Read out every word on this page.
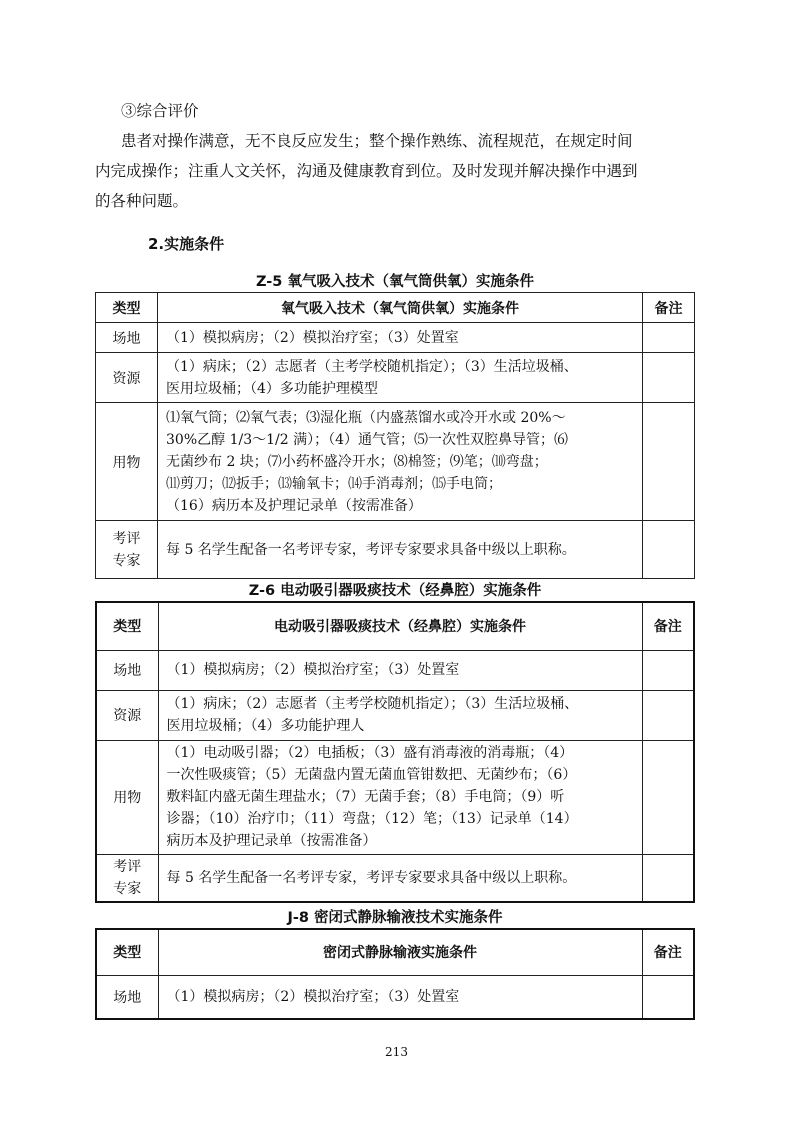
③综合评价
患者对操作满意，无不良反应发生；整个操作熟练、流程规范，在规定时间
内完成操作；注重人文关怀，沟通及健康教育到位。及时发现并解决操作中遇到
的各种问题。
2.实施条件
Z-5 氧气吸入技术（氧气筒供氧）实施条件
类型	氧气吸入技术（氧气筒供氧）实施条件	备注
场地	（1）模拟病房；（2）模拟治疗室；（3）处置室	

资源	（1）病床；（2）志愿者（主考学校随机指定）；（3）生活垃圾桶、
医用垃圾桶；（4）多功能护理模型	

用物	⑴氧气筒；⑵氧气表；⑶湿化瓶（内盛蒸馏水或冷开水或 20%～
30%乙醇 1/3～1/2 满）；（4）通气管；⑸一次性双腔鼻导管；⑹
无菌纱布 2 块；⑺小药杯盛冷开水；⑻棉签；⑼笔；⑽弯盘；
⑾剪刀；⑿扳手；⒀输氧卡；⒁手消毒剂；⒂手电筒；
（16）病历本及护理记录单（按需准备）	

考评
专家	每 5 名学生配备一名考评专家，考评专家要求具备中级以上职称。	

Z-6 电动吸引器吸痰技术（经鼻腔）实施条件
类型	电动吸引器吸痰技术（经鼻腔）实施条件	备注
场地	（1）模拟病房；（2）模拟治疗室；（3）处置室	

资源	（1）病床；（2）志愿者（主考学校随机指定）；（3）生活垃圾桶、
医用垃圾桶；（4）多功能护理人	

用物	（1）电动吸引器；（2）电插板；（3）盛有消毒液的消毒瓶；（4）
一次性吸痰管；（5）无菌盘内置无菌血管钳数把、无菌纱布；（6）
敷料缸内盛无菌生理盐水；（7）无菌手套；（8）手电筒；（9）听
诊器；（10）治疗巾；（11）弯盘；（12）笔；（13）记录单（14）
病历本及护理记录单（按需准备）	

考评
专家	每 5 名学生配备一名考评专家，考评专家要求具备中级以上职称。	

J-8 密闭式静脉输液技术实施条件
类型	密闭式静脉输液实施条件	备注
场地	（1）模拟病房；（2）模拟治疗室；（3）处置室	

213
